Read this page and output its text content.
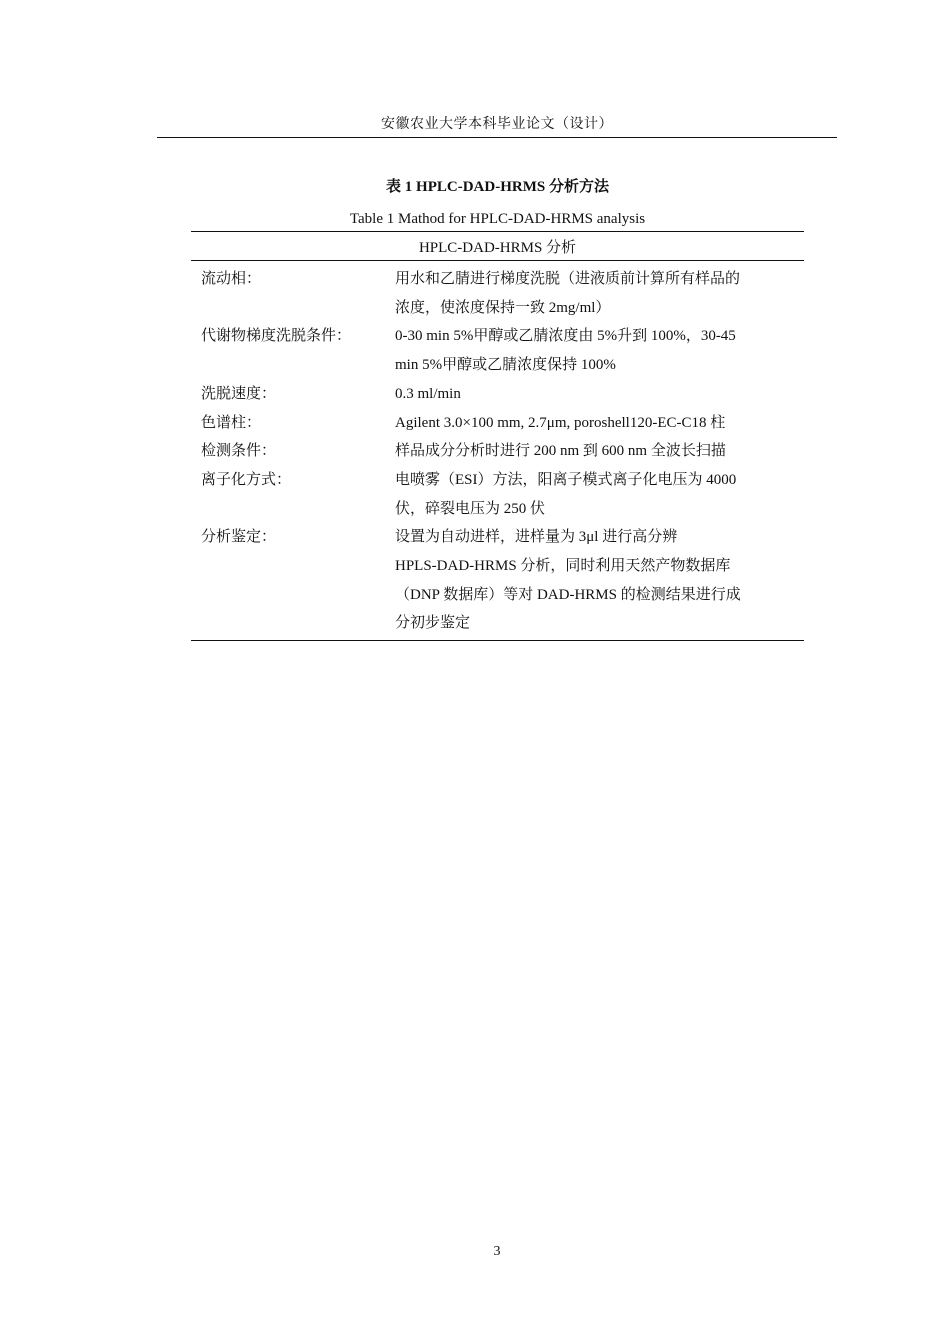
安徽农业大学本科毕业论文（设计）
表 1 HPLC-DAD-HRMS 分析方法
Table 1 Mathod for HPLC-DAD-HRMS analysis
HPLC-DAD-HRMS 分析
流动相：	用水和乙腈进行梯度洗脱（进液质前计算所有样品的
浓度，使浓度保持一致 2mg/ml）
代谢物梯度洗脱条件：	0-30 min 5%甲醇或乙腈浓度由 5%升到 100%，30-45
min 5%甲醇或乙腈浓度保持 100%
洗脱速度：	0.3 ml/min
色谱柱：	Agilent 3.0×100 mm, 2.7μm, poroshell120-EC-C18 柱
检测条件：	样品成分分析时进行 200 nm 到 600 nm 全波长扫描
离子化方式：	电喷雾（ESI）方法，阳离子模式离子化电压为 4000
伏，碎裂电压为 250 伏
分析鉴定：	设置为自动进样，进样量为 3μl 进行高分辨
HPLS-DAD-HRMS 分析，同时利用天然产物数据库
（DNP 数据库）等对 DAD-HRMS 的检测结果进行成
分初步鉴定
3
